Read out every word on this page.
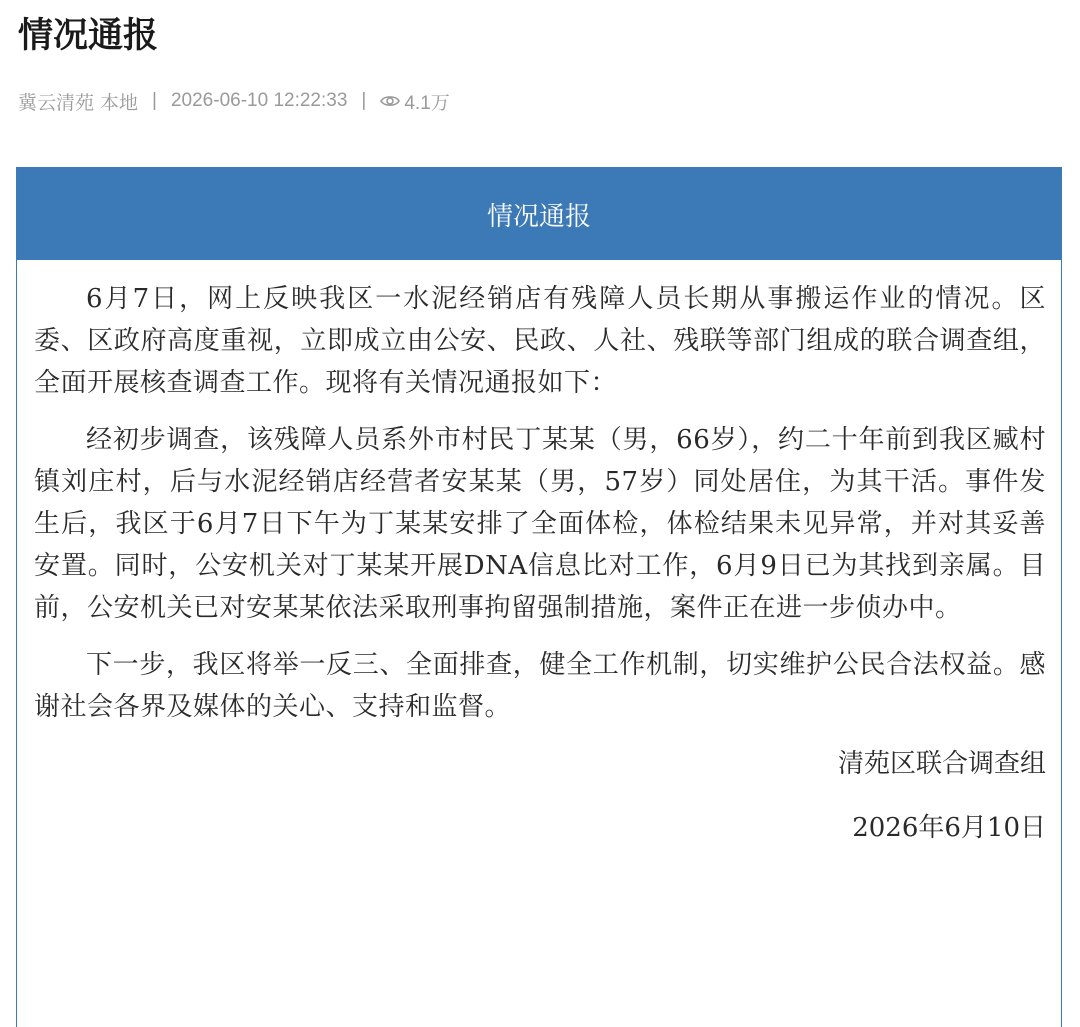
情况通报
冀云清苑 本地 | 2026-06-10 12:22:33 | 4.1万
情况通报

6月7日，网上反映我区一水泥经销店有残障人员长期从事搬运作业的情况。区委、区政府高度重视，立即成立由公安、民政、人社、残联等部门组成的联合调查组，全面开展核查调查工作。现将有关情况通报如下：

经初步调查，该残障人员系外市村民丁某某（男，66岁），约二十年前到我区臧村镇刘庄村，后与水泥经销店经营者安某某（男，57岁）同处居住，为其干活。事件发生后，我区于6月7日下午为丁某某安排了全面体检，体检结果未见异常，并对其妥善安置。同时，公安机关对丁某某开展DNA信息比对工作，6月9日已为其找到亲属。目前，公安机关已对安某某依法采取刑事拘留强制措施，案件正在进一步侦办中。

下一步，我区将举一反三、全面排查，健全工作机制，切实维护公民合法权益。感谢社会各界及媒体的关心、支持和监督。

清苑区联合调查组

2026年6月10日
